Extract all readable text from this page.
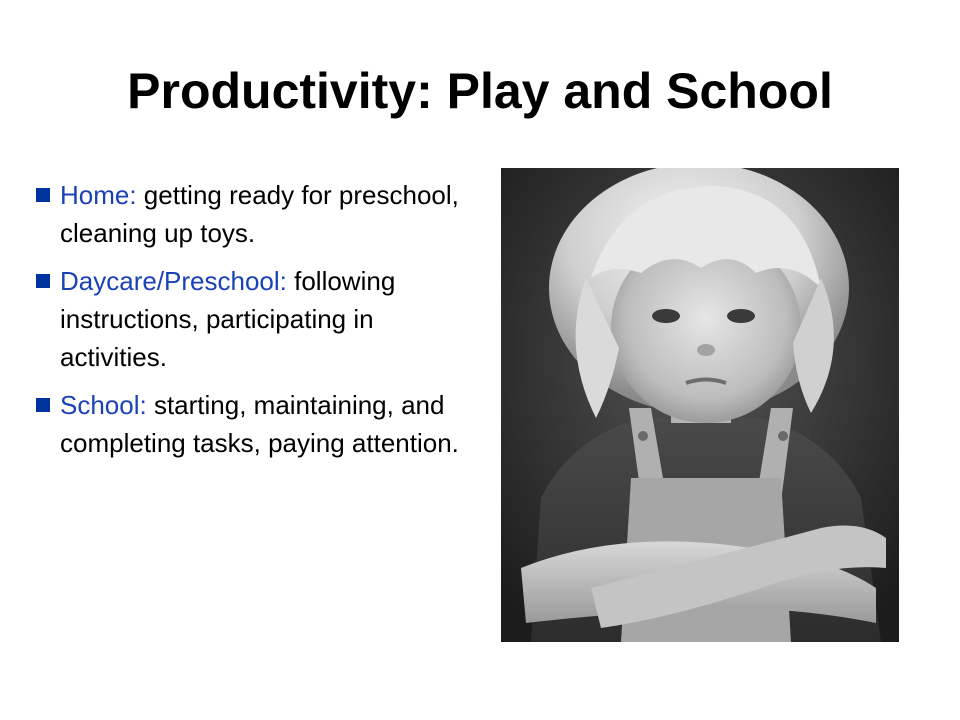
Productivity: Play and School
Home: getting ready for preschool, cleaning up toys.
Daycare/Preschool: following instructions, participating in activities.
School: starting, maintaining, and completing tasks, paying attention.
